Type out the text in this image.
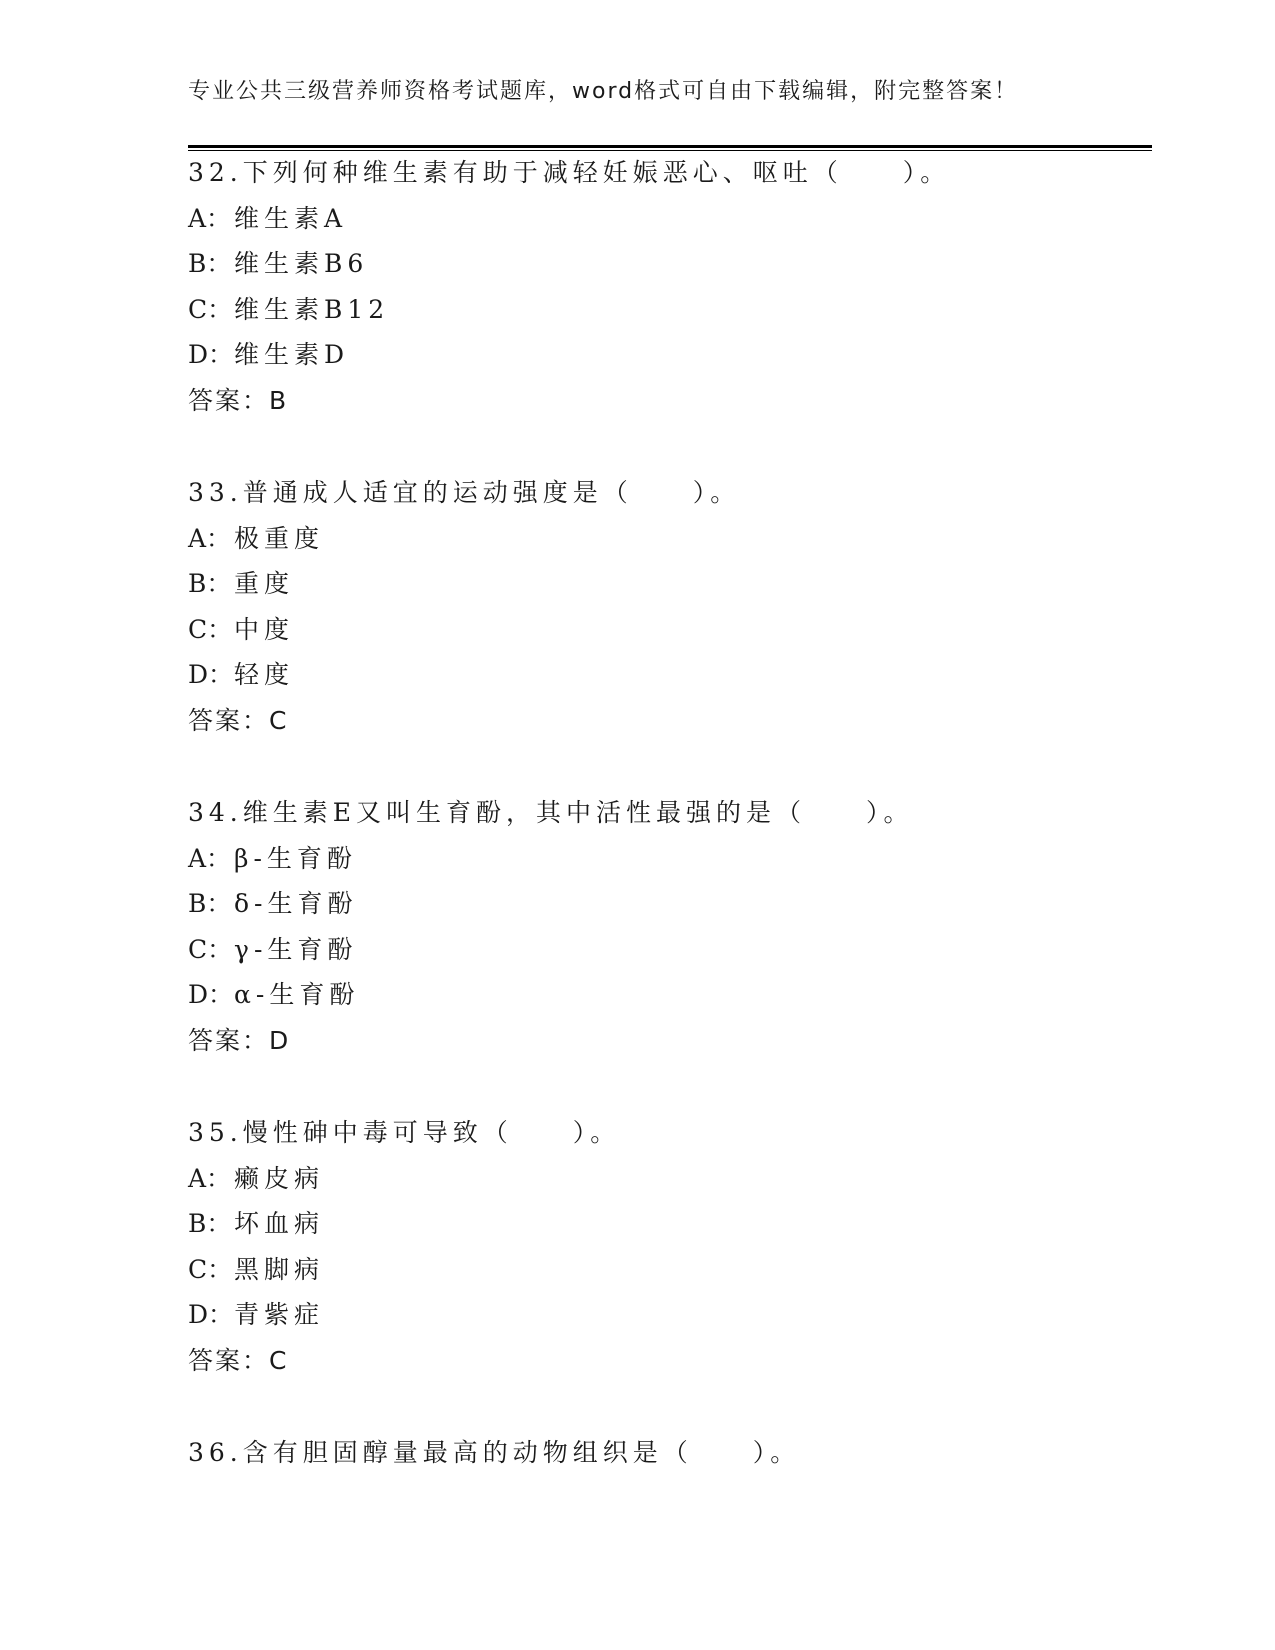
专业公共三级营养师资格考试题库，word格式可自由下载编辑，附完整答案！
32.下列何种维生素有助于减轻妊娠恶心、呕吐（　　）。
A： 维生素A
B： 维生素B6
C：维生素B12
D：维生素D
答案：B
33.普通成人适宜的运动强度是（　　）。
A： 极重度
B： 重度
C：中度
D：轻度
答案：C
34.维生素E又叫生育酚，其中活性最强的是（　　）。
A： β-生育酚
B： δ-生育酚
C：γ-生育酚
D：α-生育酚
答案：D
35.慢性砷中毒可导致（　　）。
A： 癞皮病
B： 坏血病
C：黑脚病
D：青紫症
答案：C
36.含有胆固醇量最高的动物组织是（　　）。
